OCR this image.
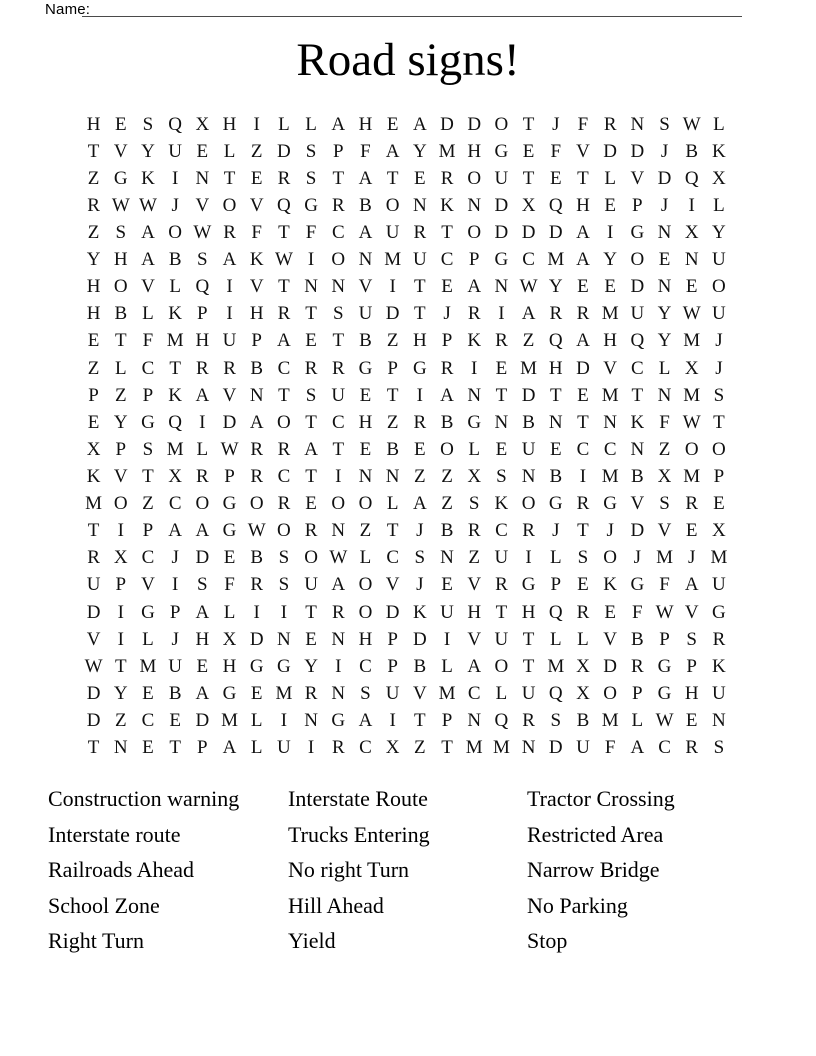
Name:
Road signs!
H E S Q X H I L L A H E A D D O T J F R N S W L
T V Y U E L Z D S P F A Y M H G E F V D D J B K
Z G K I N T E R S T A T E R O U T E T L V D Q X
R W W J V O V Q G R B O N K N D X Q H E P J	I L
Z S A O W R F T F C A U R T O D D D A I G N X Y
Y H A B S A K W I O N M U C P G C M A Y O E N U
H O V L Q I V T N N V I T E A N W Y E E D N E O
H B L K P I H R T S U D T J R I A R R M U Y W U
E T F M H U P A E T B Z H P K R Z Q A H Q Y M J
Z L C T R R B C R R G P G R I E M H D V C L X J
P Z P K A V N T S U E T I A N T D T E M T N M S
E Y G Q I D A O T C H Z R B G N B N T N K F W T
X P S M L W R R A T E B E O L E U E C C N Z O O
K V T X R P R C T I N N Z Z X S N B I M B X M P
M O Z C O G O R E O O L A Z S K O G R G V S R E
T I P A A G W O R N Z T J B R C R J T J D V E X
R X C J D E B S O W L C S N Z U I L S O J M J M
U P V I S F R S U A O V J E V R G P E K G F A U
D I G P A L I	I T R O D K U H T H Q R E F W V G
V I L J H X D N E N H P D I V U T L L V B P S R
W T M U E H G G Y I C P B L A O T M X D R G P K
D Y E B A G E M R N S U V M C L U Q X O P G H U
D Z C E D M L I N G A I T P N Q R S B M L W E N
T N E T P A L U I R C X Z T M M N D U F A C R S
Construction warning
Interstate route
Railroads Ahead
School Zone
Right Turn
Interstate Route
Trucks Entering
No right Turn
Hill Ahead
Yield
Tractor Crossing
Restricted Area
Narrow Bridge
No Parking
Stop
